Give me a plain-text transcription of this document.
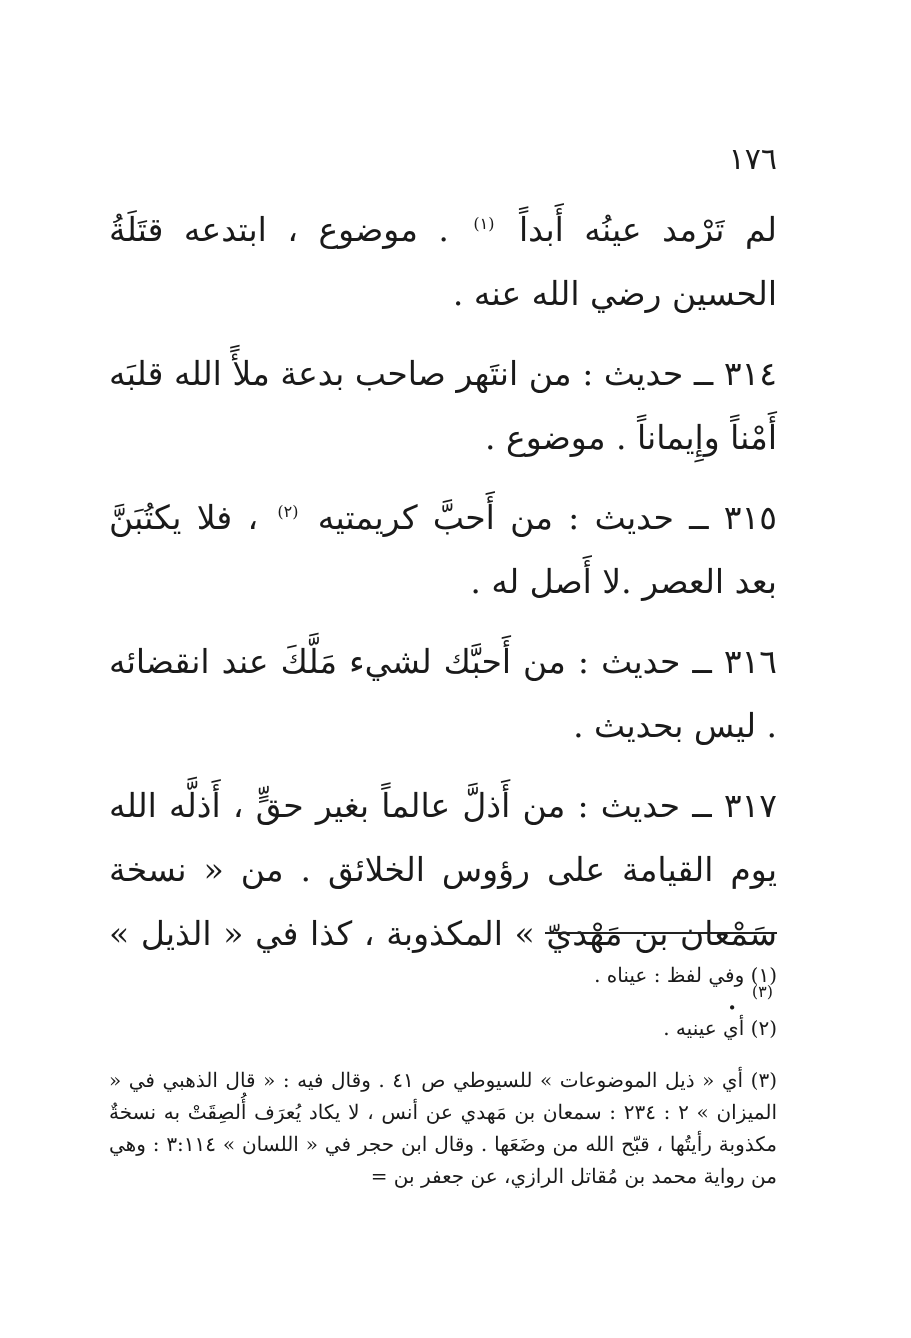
١٧٦

لم تَرْمد عينُه أَبداً $^{(١)}$ . موضوع ، ابتدعه قتَلَةُ الحسين رضي الله عنه .

٣١٤ ــ حديث : من انتَهر صاحب بدعة ملأً الله قلبَه أَمْناً وإِيماناً . موضوع .

٣١٥ ــ حديث : من أَحبَّ كريمتيه $^{(٢)}$ ، فلا يكتُبَنَّ بعد العصر .لا أَصل له .

٣١٦ ــ حديث : من أَحبَّك لشيء مَلَّكَ عند انقضائه . ليس بحديث .

٣١٧ ــ حديث : من أَذلَّ عالماً بغير حقٍّ ، أَذلَّه الله يوم القيامة على رؤوس الخلائق . من « نسخة سَمْعان بن مَهْديّ » المكذوبة ، كذا في « الذيل » $^{(٣)}$ .

(١) وفي لفظ : عيناه .

(٢) أي عينيه .

(٣) أي « ذيل الموضوعات » للسيوطي ص ٤١ . وقال فيه : « قال الذهبي في « الميزان » ٢ : ٢٣٤ : سمعان بن مَهدي عن أنس ، لا يكاد يُعرَف أُلصِقَتْ به نسخةٌ مكذوبة رأيتُها ، قبّح الله من وضَعَها . وقال ابن حجر في « اللسان » ٣:١١٤ : وهي من رواية محمد بن مُقاتل الرازي، عن جعفر بن =
